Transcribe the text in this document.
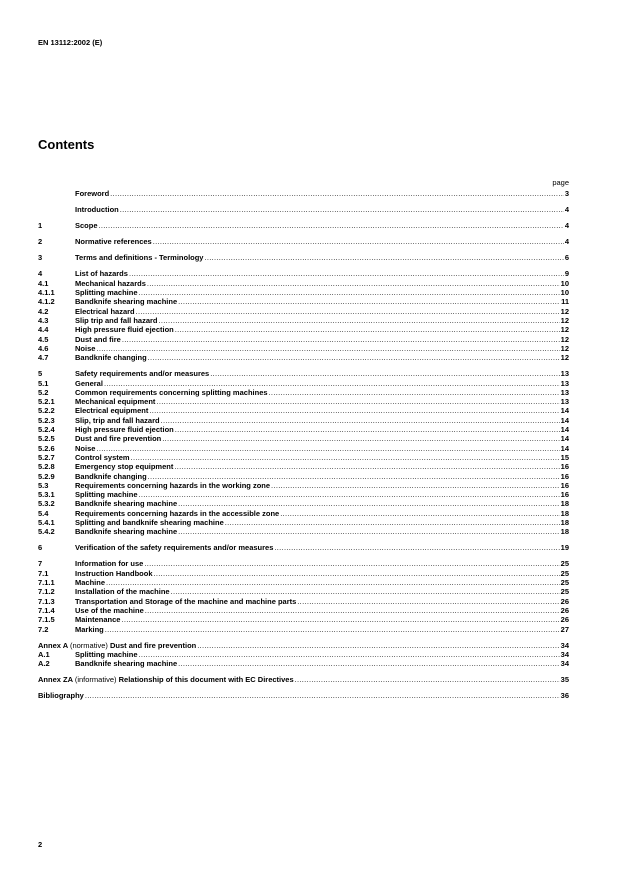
EN 13112:2002 (E)
Contents
page
Foreword .....	3
Introduction .....	4
1	Scope .....	4
2	Normative references .....	4
3	Terms and definitions - Terminology .....	6
4	List of hazards .....	9
4.1	Mechanical hazards .....	10
4.1.1	Splitting machine .....	10
4.1.2	Bandknife shearing machine .....	11
4.2	Electrical hazard .....	12
4.3	Slip trip and fall hazard .....	12
4.4	High pressure fluid ejection .....	12
4.5	Dust and fire .....	12
4.6	Noise .....	12
4.7	Bandknife changing .....	12
5	Safety requirements and/or measures .....	13
5.1	General .....	13
5.2	Common requirements concerning splitting machines .....	13
5.2.1	Mechanical equipment .....	13
5.2.2	Electrical equipment .....	14
5.2.3	Slip, trip and fall hazard .....	14
5.2.4	High pressure fluid ejection .....	14
5.2.5	Dust and fire prevention .....	14
5.2.6	Noise .....	14
5.2.7	Control system .....	15
5.2.8	Emergency stop equipment .....	16
5.2.9	Bandknife changing .....	16
5.3	Requirements concerning hazards in the working zone .....	16
5.3.1	Splitting machine .....	16
5.3.2	Bandknife shearing machine .....	18
5.4	Requirements concerning hazards in the accessible zone .....	18
5.4.1	Splitting and bandknife shearing machine .....	18
5.4.2	Bandknife shearing machine .....	18
6	Verification of the safety requirements and/or measures .....	19
7	Information for use .....	25
7.1	Instruction Handbook .....	25
7.1.1	Machine .....	25
7.1.2	Installation of the machine .....	25
7.1.3	Transportation and Storage of the machine and machine parts .....	26
7.1.4	Use of the machine .....	26
7.1.5	Maintenance .....	26
7.2	Marking .....	27
Annex A (normative) Dust and fire prevention .....	34
A.1	Splitting machine .....	34
A.2	Bandknife shearing machine .....	34
Annex ZA (informative) Relationship of this document with EC Directives .....	35
Bibliography .....	36
2
